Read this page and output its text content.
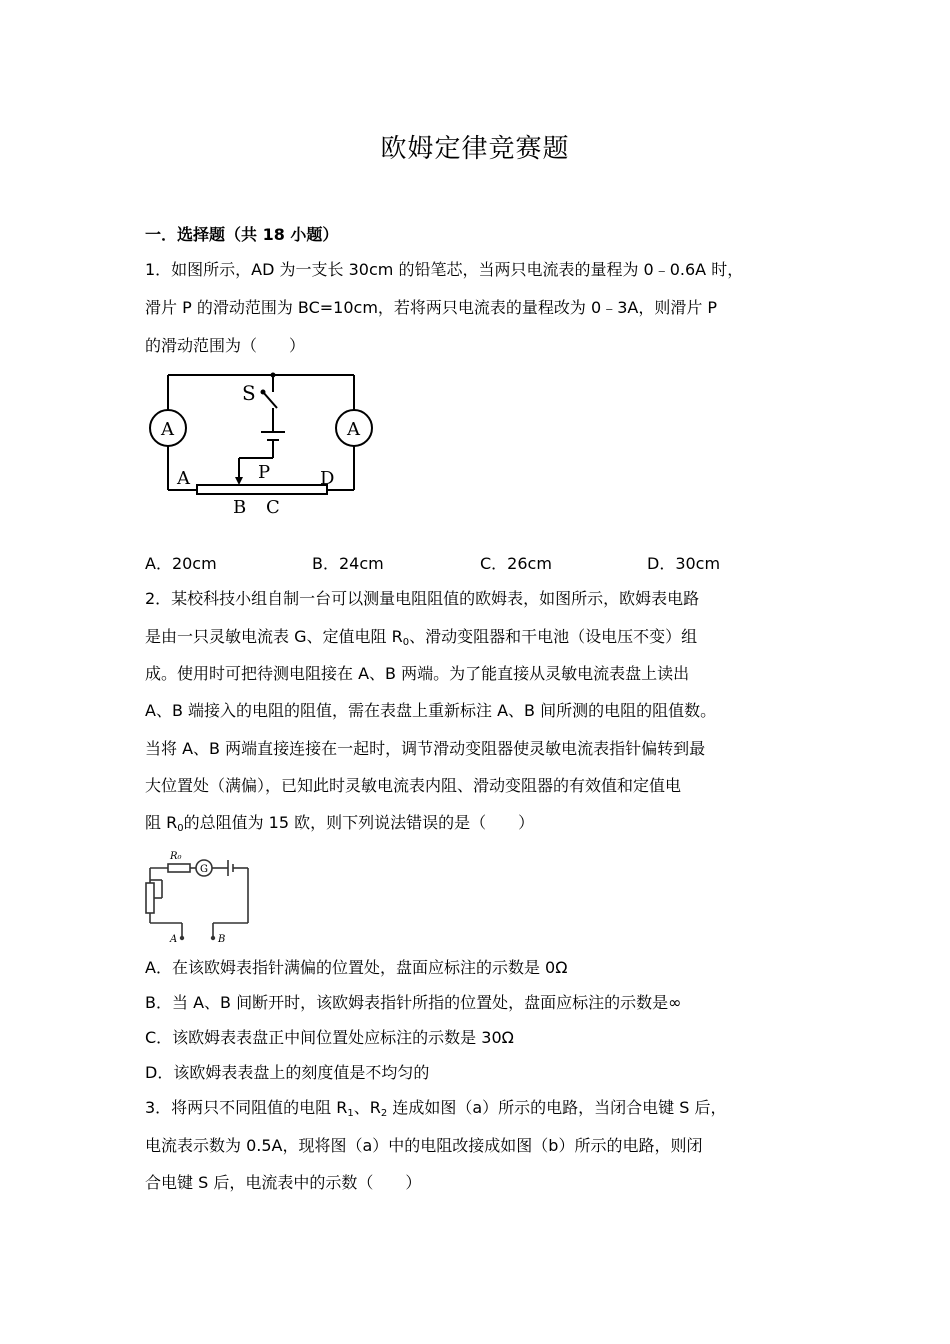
欧姆定律竞赛题
一．选择题（共 18 小题）
1．如图所示，AD 为一支长 30cm 的铅笔芯，当两只电流表的量程为 0﹣0.6A 时，
滑片 P 的滑动范围为 BC=10cm，若将两只电流表的量程改为 0﹣3A，则滑片 P
的滑动范围为（　　）
A	A
S
A	P	D
B C
A．20cm	B．24cm	C．26cm	D．30cm
2．某校科技小组自制一台可以测量电阻阻值的欧姆表，如图所示，欧姆表电路
是由一只灵敏电流表 G、定值电阻 $R_0$、滑动变阻器和干电池（设电压不变）组
成。使用时可把待测电阻接在 A、B 两端。为了能直接从灵敏电流表盘上读出
A、B 端接入的电阻的阻值，需在表盘上重新标注 A、B 间所测的电阻的阻值数。
当将 A、B 两端直接连接在一起时，调节滑动变阻器使灵敏电流表指针偏转到最
大位置处（满偏），已知此时灵敏电流表内阻、滑动变阻器的有效值和定值电
阻 $R_0$的总阻值为 15 欧，则下列说法错误的是（　　）
R₀
G
A	B
A．在该欧姆表指针满偏的位置处，盘面应标注的示数是 0Ω
B．当 A、B 间断开时，该欧姆表指针所指的位置处，盘面应标注的示数是∞
C．该欧姆表表盘正中间位置处应标注的示数是 30Ω
D．该欧姆表表盘上的刻度值是不均匀的
3．将两只不同阻值的电阻 $R_1$、$R_2$ 连成如图（a）所示的电路，当闭合电键 S 后，
电流表示数为 0.5A，现将图（a）中的电阻改接成如图（b）所示的电路，则闭
合电键 S 后，电流表中的示数（　　）
